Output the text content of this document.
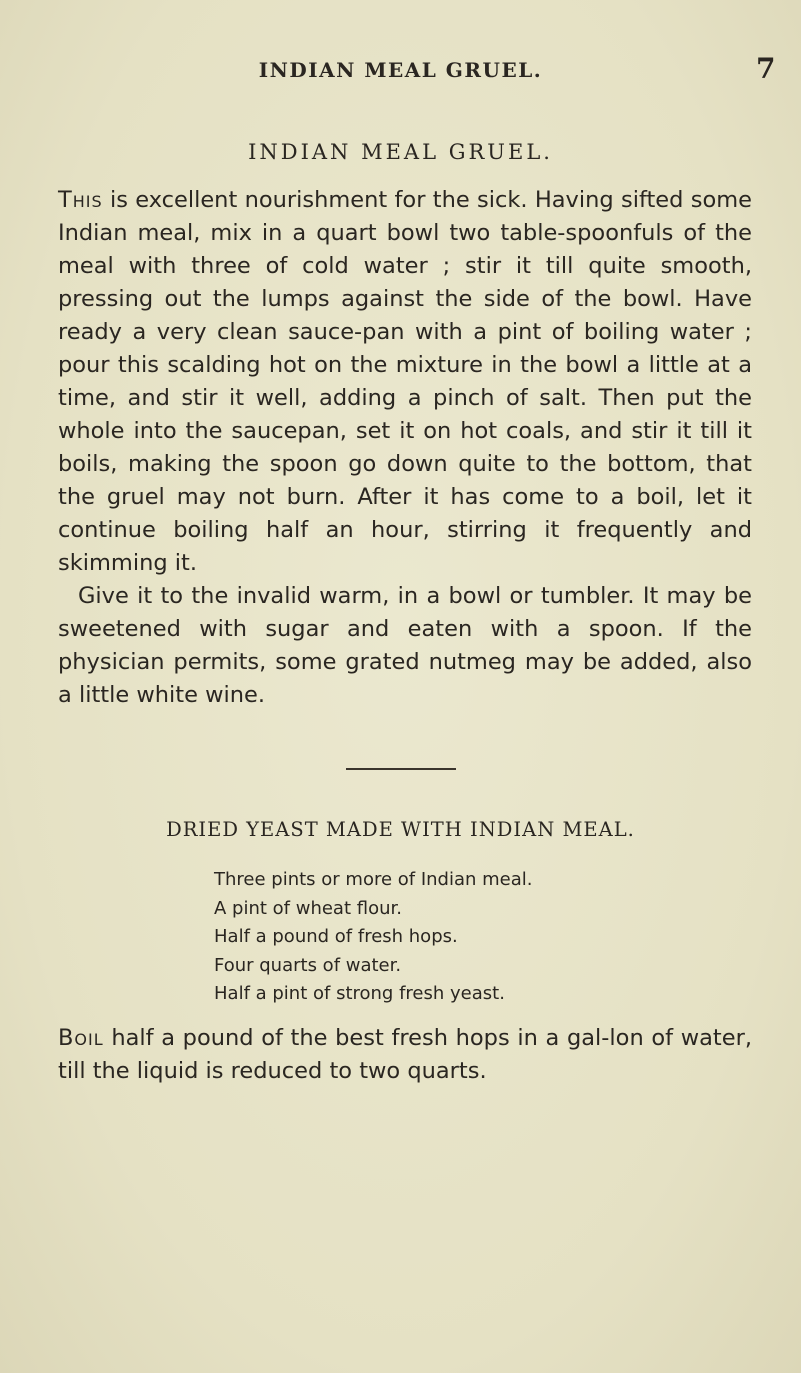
INDIAN MEAL GRUEL.	7
INDIAN MEAL GRUEL.

This is excellent nourishment for the sick. Having sifted some Indian meal, mix in a quart bowl two table-spoonfuls of the meal with three of cold water ; stir it till quite smooth, pressing out the lumps against the side of the bowl. Have ready a very clean sauce-pan with a pint of boiling water ; pour this scalding hot on the mixture in the bowl a little at a time, and stir it well, adding a pinch of salt. Then put the whole into the saucepan, set it on hot coals, and stir it till it boils, making the spoon go down quite to the bottom, that the gruel may not burn. After it has come to a boil, let it continue boiling half an hour, stirring it frequently and skimming it.

Give it to the invalid warm, in a bowl or tumbler. It may be sweetened with sugar and eaten with a spoon. If the physician permits, some grated nutmeg may be added, also a little white wine.

DRIED YEAST MADE WITH INDIAN MEAL.
Three pints or more of Indian meal.
A pint of wheat flour.
Half a pound of fresh hops.
Four quarts of water.
Half a pint of strong fresh yeast.

Boil half a pound of the best fresh hops in a gal-lon of water, till the liquid is reduced to two quarts.
